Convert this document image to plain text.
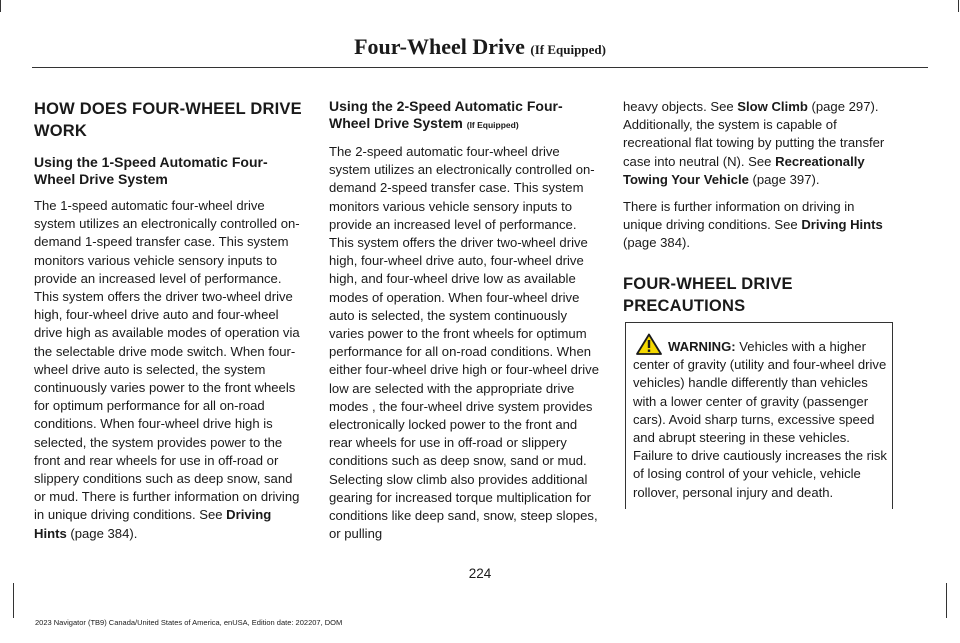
Four-Wheel Drive (If Equipped)
HOW DOES FOUR-WHEEL DRIVE
WORK
Using the 1-Speed Automatic Four-Wheel Drive System

The 1-speed automatic four-wheel drive system utilizes an electronically controlled on-demand 1-speed transfer case. This system monitors various vehicle sensory inputs to provide an increased level of performance. This system offers the driver two-wheel drive high, four-wheel drive auto and four-wheel drive high as available modes of operation via the selectable drive mode switch. When four-wheel drive auto is selected, the system continuously varies power to the front wheels for optimum performance for all on-road conditions. When four-wheel drive high is selected, the system provides power to the front and rear wheels for use in off-road or slippery conditions such as deep snow, sand or mud. There is further information on driving in unique driving conditions. See Driving Hints (page 384).

Using the 2-Speed Automatic Four-Wheel Drive System (If Equipped)

The 2-speed automatic four-wheel drive system utilizes an electronically controlled on-demand 2-speed transfer case. This system monitors various vehicle sensory inputs to provide an increased level of performance. This system offers the driver two-wheel drive high, four-wheel drive auto, four-wheel drive high, and four-wheel drive low as available modes of operation. When four-wheel drive auto is selected, the system continuously varies power to the front wheels for optimum performance for all on-road conditions. When either four-wheel drive high or four-wheel drive low are selected with the appropriate drive modes , the four-wheel drive system provides electronically locked power to the front and rear wheels for use in off-road or slippery conditions such as deep snow, sand or mud. Selecting slow climb also provides additional gearing for increased torque multiplication for conditions like deep sand, snow, steep slopes, or pulling

heavy objects. See Slow Climb (page 297). Additionally, the system is capable of recreational flat towing by putting the transfer case into neutral (N). See Recreationally Towing Your Vehicle (page 397).

There is further information on driving in unique driving conditions. See Driving Hints (page 384).

FOUR-WHEEL DRIVE
PRECAUTIONS

WARNING: Vehicles with a higher center of gravity (utility and four-wheel drive vehicles) handle differently than vehicles with a lower center of gravity (passenger cars). Avoid sharp turns, excessive speed and abrupt steering in these vehicles. Failure to drive cautiously increases the risk of losing control of your vehicle, vehicle rollover, personal injury and death.

224
2023 Navigator (TB9) Canada/United States of America, enUSA, Edition date: 202207, DOM
